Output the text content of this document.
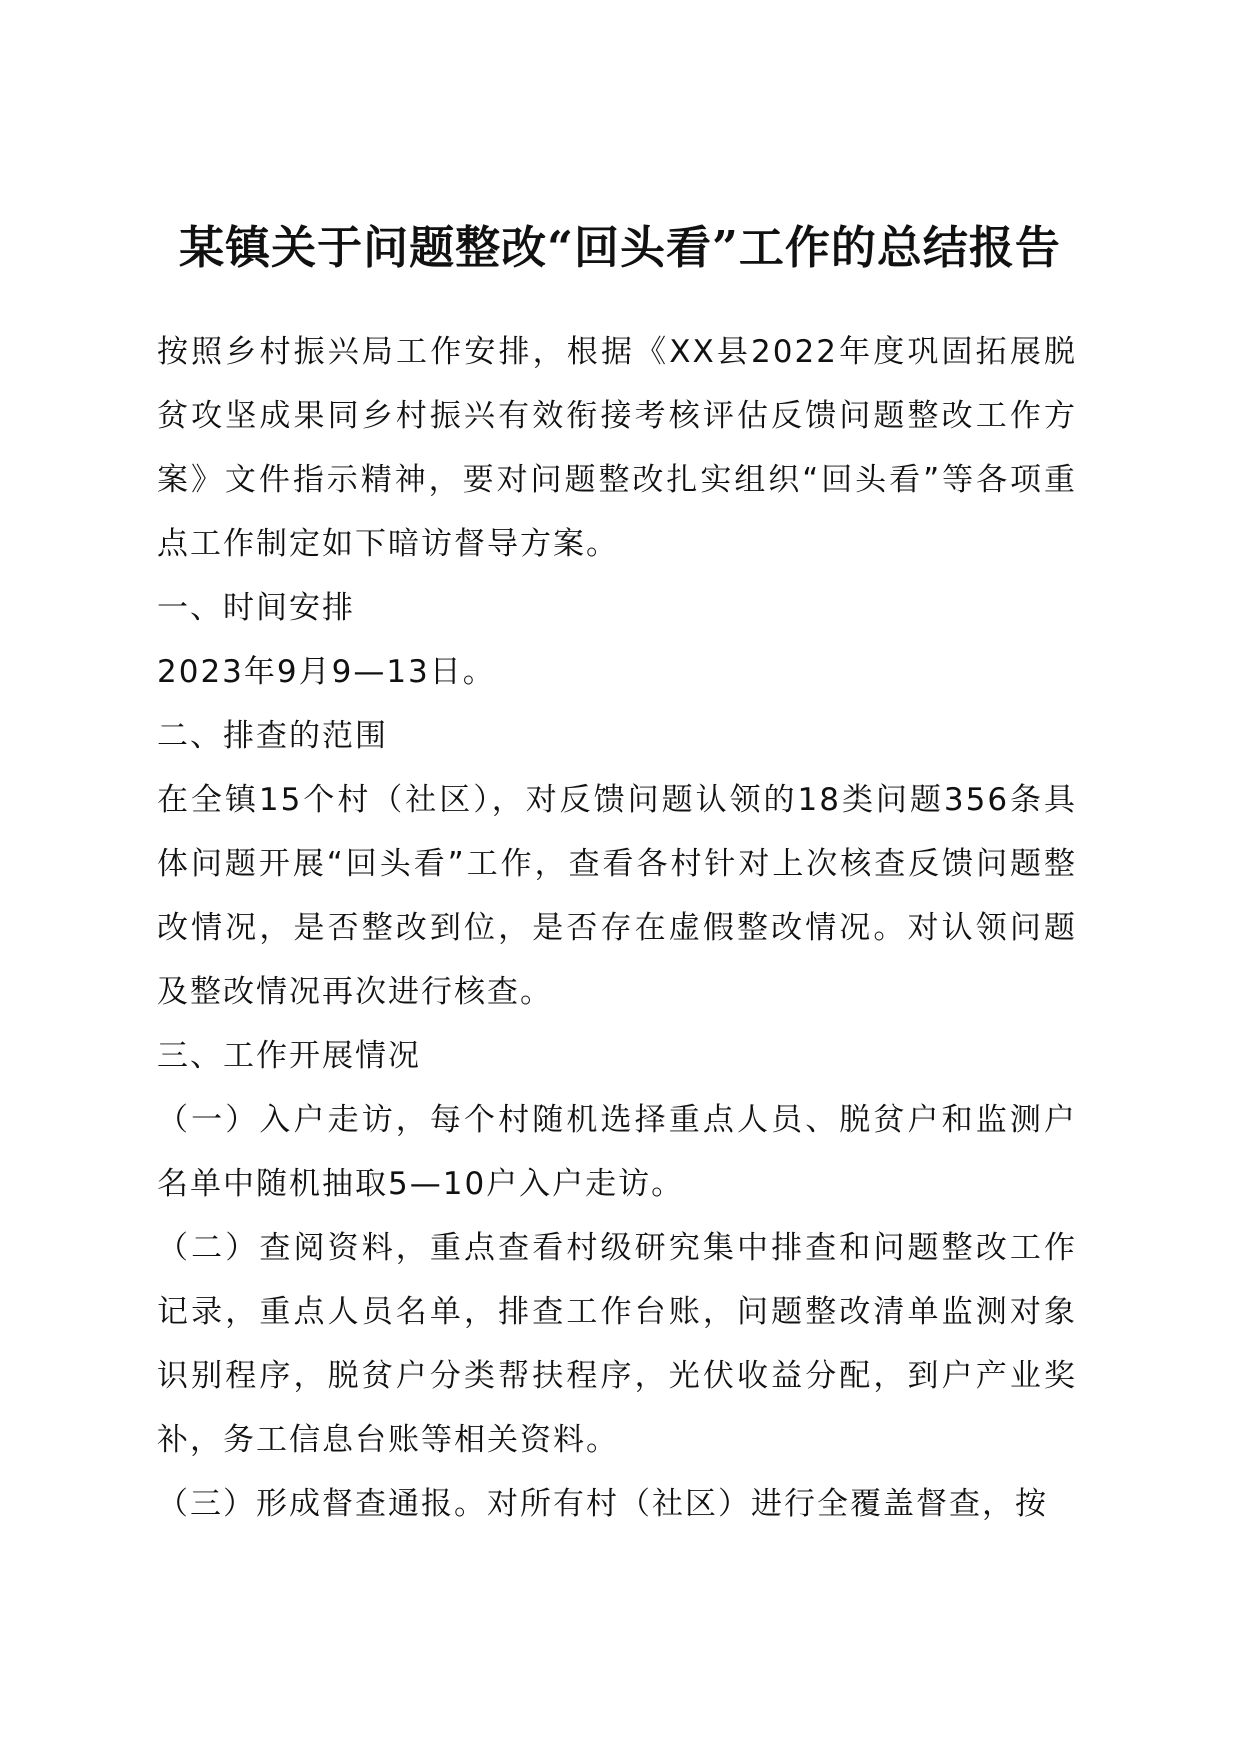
某镇关于问题整改“回头看”工作的总结报告

按照乡村振兴局工作安排，根据《XX县2022年度巩固拓展脱贫攻坚成果同乡村振兴有效衔接考核评估反馈问题整改工作方案》文件指示精神，要对问题整改扎实组织“回头看”等各项重点工作制定如下暗访督导方案。

一、时间安排

2023年9月9—13日。

二、排查的范围

在全镇15个村（社区），对反馈问题认领的18类问题356条具体问题开展“回头看”工作，查看各村针对上次核查反馈问题整改情况，是否整改到位，是否存在虚假整改情况。对认领问题及整改情况再次进行核查。

三、工作开展情况

（一）入户走访，每个村随机选择重点人员、脱贫户和监测户名单中随机抽取5—10户入户走访。

（二）查阅资料，重点查看村级研究集中排查和问题整改工作记录，重点人员名单，排查工作台账，问题整改清单监测对象识别程序，脱贫户分类帮扶程序，光伏收益分配，到户产业奖补，务工信息台账等相关资料。

（三）形成督查通报。对所有村（社区）进行全覆盖督查，按
